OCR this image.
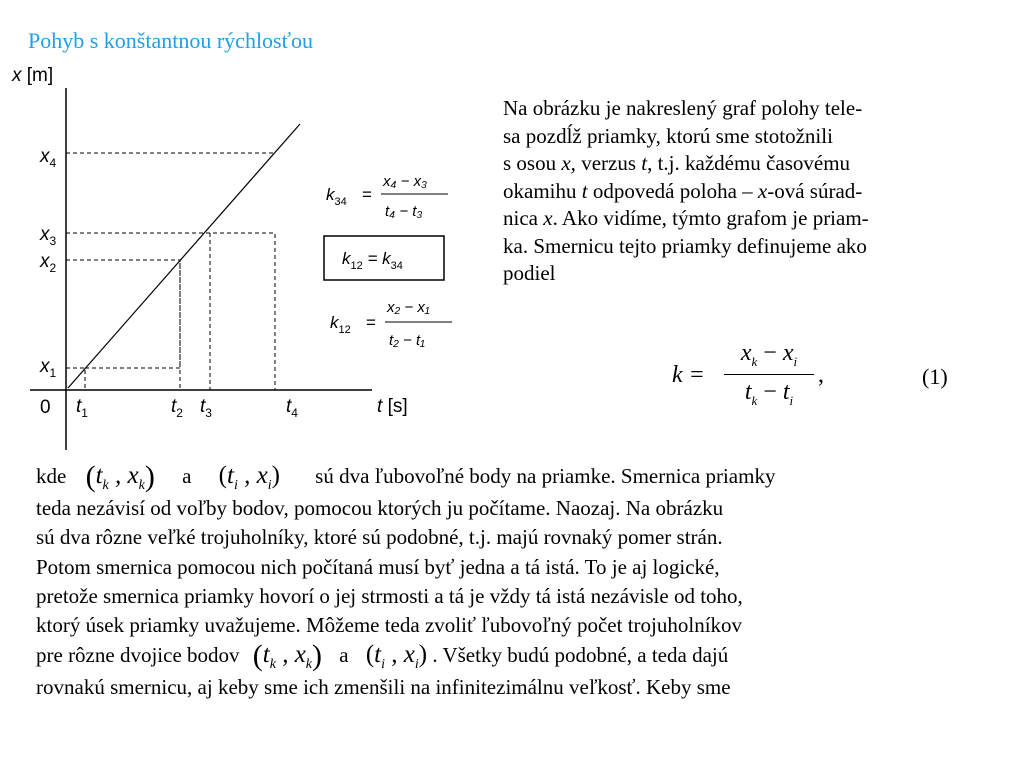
Pohyb s konštantnou rýchlosťou
x [m]
t [s]
0
$x_4$
$x_3$
$x_2$
$x_1$
$t_1$	$t_2$ $t_3$	$t_4$
$k_{34}$ =
x₄ − x₃
t₄ − t₃
$k_{12} = k_{34}$
$k_{12}$ =
x₂ − x₁
t₂ − t₁
Na obrázku je nakreslený graf polohy tele-
sa pozdĺž priamky, ktorú sme stotožnili
s osou x, verzus t, t.j. každému časovému
okamihu t odpovedá poloha – x-ová súrad-
nica x. Ako vidíme, týmto grafom je priam-
ka. Smernicu tejto priamky definujeme ako
podiel
k =
$x_k - x_i$
$t_k - t_i$
,	(1)
kde ($t_k$ , $x_k$) a ($t_i$ , $x_i$) sú dva ľubovoľné body na priamke. Smernica priamky
teda nezávisí od voľby bodov, pomocou ktorých ju počítame. Naozaj. Na obrázku
sú dva rôzne veľké trojuholníky, ktoré sú podobné, t.j. majú rovnaký pomer strán.
Potom smernica pomocou nich počítaná musí byť jedna a tá istá. To je aj logické,
pretože smernica priamky hovorí o jej strmosti a tá je vždy tá istá nezávisle od toho,
ktorý úsek priamky uvažujeme. Môžeme teda zvoliť ľubovoľný počet trojuholníkov
pre rôzne dvojice bodov ($t_k$ , $x_k$) a ($t_i$ , $x_i$) . Všetky budú podobné, a teda dajú
rovnakú smernicu, aj keby sme ich zmenšili na infinitezimálnu veľkosť. Keby sme
